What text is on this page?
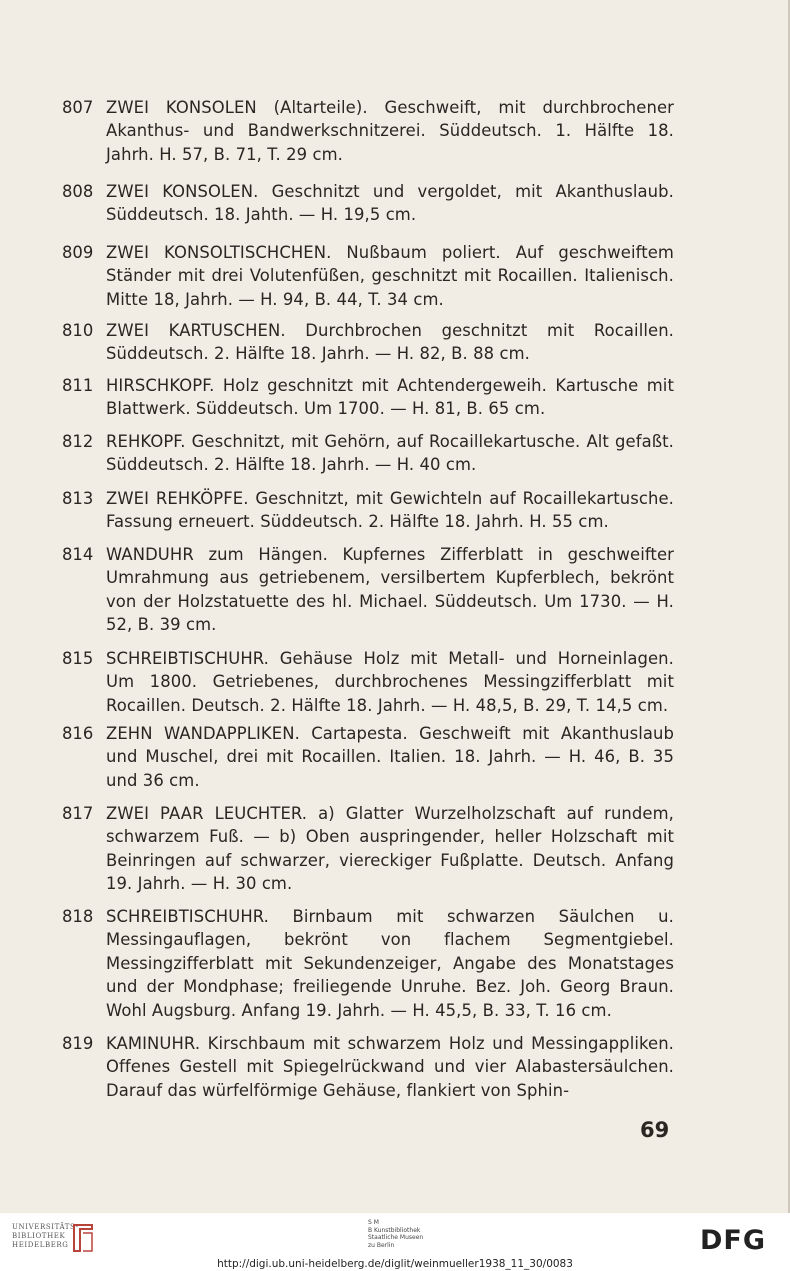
807 ZWEI KONSOLEN (Altarteile). Geschweift, mit durchbrochener Akanthus- und Bandwerkschnitzerei. Süddeutsch. 1. Hälfte 18. Jahrh. H. 57, B. 71, T. 29 cm.
808 ZWEI KONSOLEN. Geschnitzt und vergoldet, mit Akanthuslaub. Süddeutsch. 18. Jahth. — H. 19,5 cm.
809 ZWEI KONSOLTISCHCHEN. Nußbaum poliert. Auf geschweiftem Ständer mit drei Volutenfüßen, geschnitzt mit Rocaillen. Italienisch. Mitte 18, Jahrh. — H. 94, B. 44, T. 34 cm.
810 ZWEI KARTUSCHEN. Durchbrochen geschnitzt mit Rocaillen. Süddeutsch. 2. Hälfte 18. Jahrh. — H. 82, B. 88 cm.
811 HIRSCHKOPF. Holz geschnitzt mit Achtendergeweih. Kartusche mit Blattwerk. Süddeutsch. Um 1700. — H. 81, B. 65 cm.
812 REHKOPF. Geschnitzt, mit Gehörn, auf Rocaillekartusche. Alt gefaßt. Süddeutsch. 2. Hälfte 18. Jahrh. — H. 40 cm.
813 ZWEI REHKÖPFE. Geschnitzt, mit Gewichteln auf Rocaillekartusche. Fassung erneuert. Süddeutsch. 2. Hälfte 18. Jahrh. H. 55 cm.
814 WANDUHR zum Hängen. Kupfernes Zifferblatt in geschweifter Umrahmung aus getriebenem, versilbertem Kupferblech, bekrönt von der Holzstatuette des hl. Michael. Süddeutsch. Um 1730. — H. 52, B. 39 cm.
815 SCHREIBTISCHUHR. Gehäuse Holz mit Metall- und Horneinlagen. Um 1800. Getriebenes, durchbrochenes Messingzifferblatt mit Rocaillen. Deutsch. 2. Hälfte 18. Jahrh. — H. 48,5, B. 29, T. 14,5 cm.
816 ZEHN WANDAPPLIKEN. Cartapesta. Geschweift mit Akanthuslaub und Muschel, drei mit Rocaillen. Italien. 18. Jahrh. — H. 46, B. 35 und 36 cm.
817 ZWEI PAAR LEUCHTER. a) Glatter Wurzelholzschaft auf rundem, schwarzem Fuß. — b) Oben auspringender, heller Holzschaft mit Beinringen auf schwarzer, viereckiger Fußplatte. Deutsch. Anfang 19. Jahrh. — H. 30 cm.
818 SCHREIBTISCHUHR. Birnbaum mit schwarzen Säulchen u. Messingauflagen, bekrönt von flachem Segmentgiebel. Messingzifferblatt mit Sekundenzeiger, Angabe des Monatstages und der Mondphase; freiliegende Unruhe. Bez. Joh. Georg Braun. Wohl Augsburg. Anfang 19. Jahrh. — H. 45,5, B. 33, T. 16 cm.
819 KAMINUHR. Kirschbaum mit schwarzem Holz und Messingappliken. Offenes Gestell mit Spiegelrückwand und vier Alabastersäulchen. Darauf das würfelförmige Gehäuse, flankiert von Sphin-
69
UNIVERSITÄTS-
BIBLIOTHEK
HEIDELBERG
S M
B Kunstbibliothek
Staatliche Museen
zu Berlin	DFG
http://digi.ub.uni-heidelberg.de/diglit/weinmueller1938_11_30/0083
